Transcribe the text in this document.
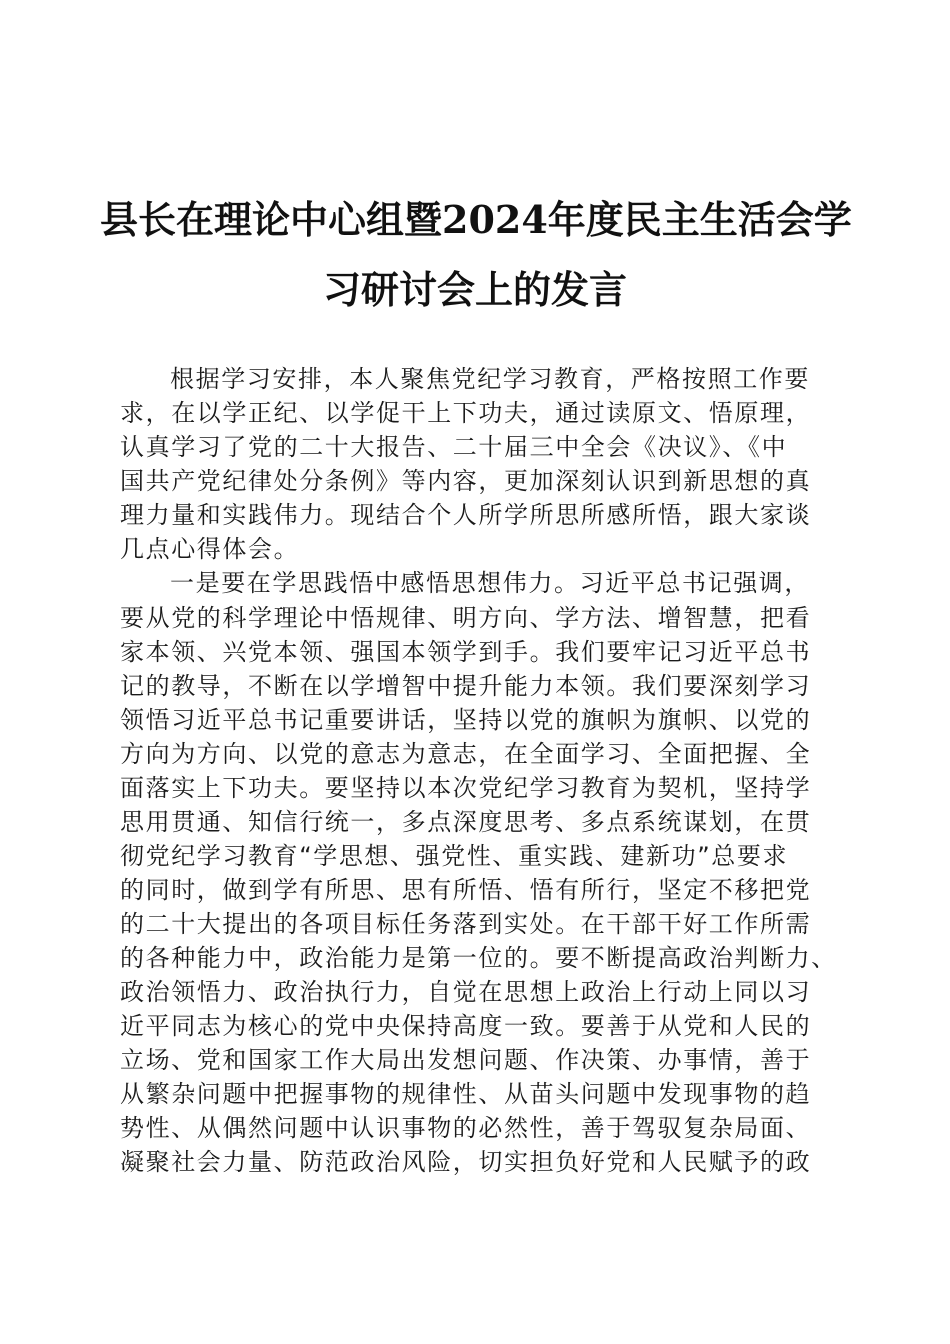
县长在理论中心组暨2024年度民主生活会学
习研讨会上的发言
根据学习安排，本人聚焦党纪学习教育，严格按照工作要
求，在以学正纪、以学促干上下功夫，通过读原文、悟原理，
认真学习了党的二十大报告、二十届三中全会《决议》、《中
国共产党纪律处分条例》等内容，更加深刻认识到新思想的真
理力量和实践伟力。现结合个人所学所思所感所悟，跟大家谈
几点心得体会。
一是要在学思践悟中感悟思想伟力。习近平总书记强调，
要从党的科学理论中悟规律、明方向、学方法、增智慧，把看
家本领、兴党本领、强国本领学到手。我们要牢记习近平总书
记的教导，不断在以学增智中提升能力本领。我们要深刻学习
领悟习近平总书记重要讲话，坚持以党的旗帜为旗帜、以党的
方向为方向、以党的意志为意志，在全面学习、全面把握、全
面落实上下功夫。要坚持以本次党纪学习教育为契机，坚持学
思用贯通、知信行统一，多点深度思考、多点系统谋划，在贯
彻党纪学习教育“学思想、强党性、重实践、建新功”总要求
的同时，做到学有所思、思有所悟、悟有所行，坚定不移把党
的二十大提出的各项目标任务落到实处。在干部干好工作所需
的各种能力中，政治能力是第一位的。要不断提高政治判断力、
政治领悟力、政治执行力，自觉在思想上政治上行动上同以习
近平同志为核心的党中央保持高度一致。要善于从党和人民的
立场、党和国家工作大局出发想问题、作决策、办事情，善于
从繁杂问题中把握事物的规律性、从苗头问题中发现事物的趋
势性、从偶然问题中认识事物的必然性，善于驾驭复杂局面、
凝聚社会力量、防范政治风险，切实担负好党和人民赋予的政
